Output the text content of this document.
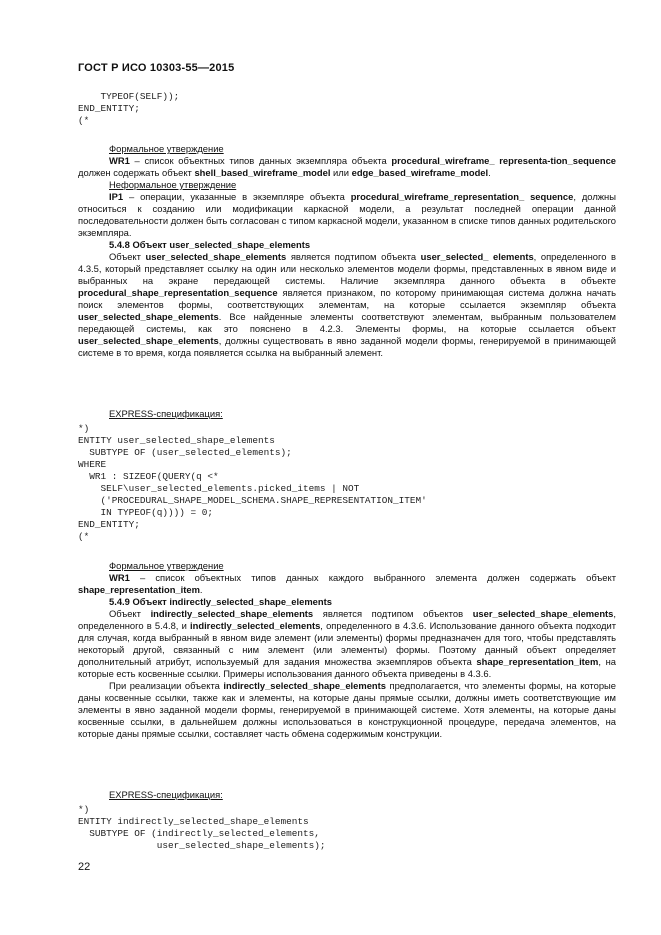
ГОСТ Р ИСО 10303-55—2015
TYPEOF(SELF));
END_ENTITY;
(*

Формальное утверждение

WR1 – список объектных типов данных экземпляра объекта procedural_wireframe_ representa-tion_sequence должен содержать объект shell_based_wireframe_model или edge_based_wireframe_model.

Неформальное утверждение

IP1 – операции, указанные в экземпляре объекта procedural_wireframe_representation_ sequence, должны относиться к созданию или модификации каркасной модели, а результат последней операции данной последовательности должен быть согласован с типом каркасной модели, указанном в списке типов данных родительского экземпляра.

5.4.8 Объект user_selected_shape_elements

Объект user_selected_shape_elements является подтипом объекта user_selected_ elements, определенного в 4.3.5, который представляет ссылку на один или несколько элементов модели формы, представленных в явном виде и выбранных на экране передающей системы. Наличие экземпляра данного объекта в объекте procedural_shape_representation_sequence является признаком, по которому принимающая система должна начать поиск элементов формы, соответствующих элементам, на которые ссылается экземпляр объекта user_selected_shape_elements. Все найденные элементы соответствуют элементам, выбранным пользователем передающей системы, как это пояснено в 4.2.3. Элементы формы, на которые ссылается объект user_selected_shape_elements, должны существовать в явно заданной модели формы, генерируемой в принимающей системе в то время, когда появляется ссылка на выбранный элемент.

EXPRESS-спецификация:

*)
ENTITY user_selected_shape_elements
SUBTYPE OF (user_selected_elements);
WHERE
WR1 : SIZEOF(QUERY(q <*
SELF\user_selected_elements.picked_items | NOT
('PROCEDURAL_SHAPE_MODEL_SCHEMA.SHAPE_REPRESENTATION_ITEM'
IN TYPEOF(q)))) = 0;
END_ENTITY;
(*

Формальное утверждение

WR1 – список объектных типов данных каждого выбранного элемента должен содержать объект shape_representation_item.

5.4.9 Объект indirectly_selected_shape_elements

Объект indirectly_selected_shape_elements является подтипом объектов user_selected_shape_elements, определенного в 5.4.8, и indirectly_selected_elements, определенного в 4.3.6. Использование данного объекта подходит для случая, когда выбранный в явном виде элемент (или элементы) формы предназначен для того, чтобы представлять некоторый другой, связанный с ним элемент (или элементы) формы. Поэтому данный объект определяет дополнительный атрибут, используемый для задания множества экземпляров объекта shape_representation_item, на которые есть косвенные ссылки. Примеры использования данного объекта приведены в 4.3.6.

При реализации объекта indirectly_selected_shape_elements предполагается, что элементы формы, на которые даны косвенные ссылки, также как и элементы, на которые даны прямые ссылки, должны иметь соответствующие им элементы в явно заданной модели формы, генерируемой в принимающей системе. Хотя элементы, на которые даны косвенные ссылки, в дальнейшем должны использоваться в конструкционной процедуре, передача элементов, на которые даны прямые ссылки, составляет часть обмена содержимым конструкции.

EXPRESS-спецификация:

*)
ENTITY indirectly_selected_shape_elements
SUBTYPE OF (indirectly_selected_elements,
user_selected_shape_elements);
22
